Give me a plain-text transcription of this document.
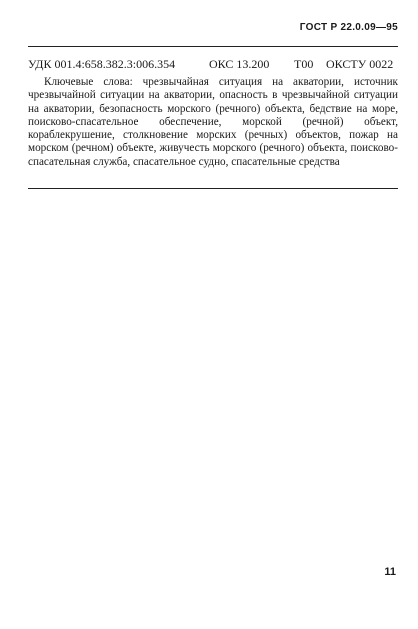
ГОСТ Р 22.0.09—95
УДК 001.4:658.382.3:006.354	ОКС 13.200	Т00	ОКСТУ 0022

Ключевые слова: чрезвычайная ситуация на акватории, источник чрезвычайной ситуации на акватории, опасность в чрезвычайной ситуации на акватории, безопасность морского (речного) объекта, бедствие на море, поисково-спасательное обеспечение, морской (речной) объект, кораблекрушение, столкновение морских (речных) объектов, пожар на морском (речном) объекте, живучесть морского (речного) объекта, поисково-спасательная служба, спасательное судно, спасательные средства

11
